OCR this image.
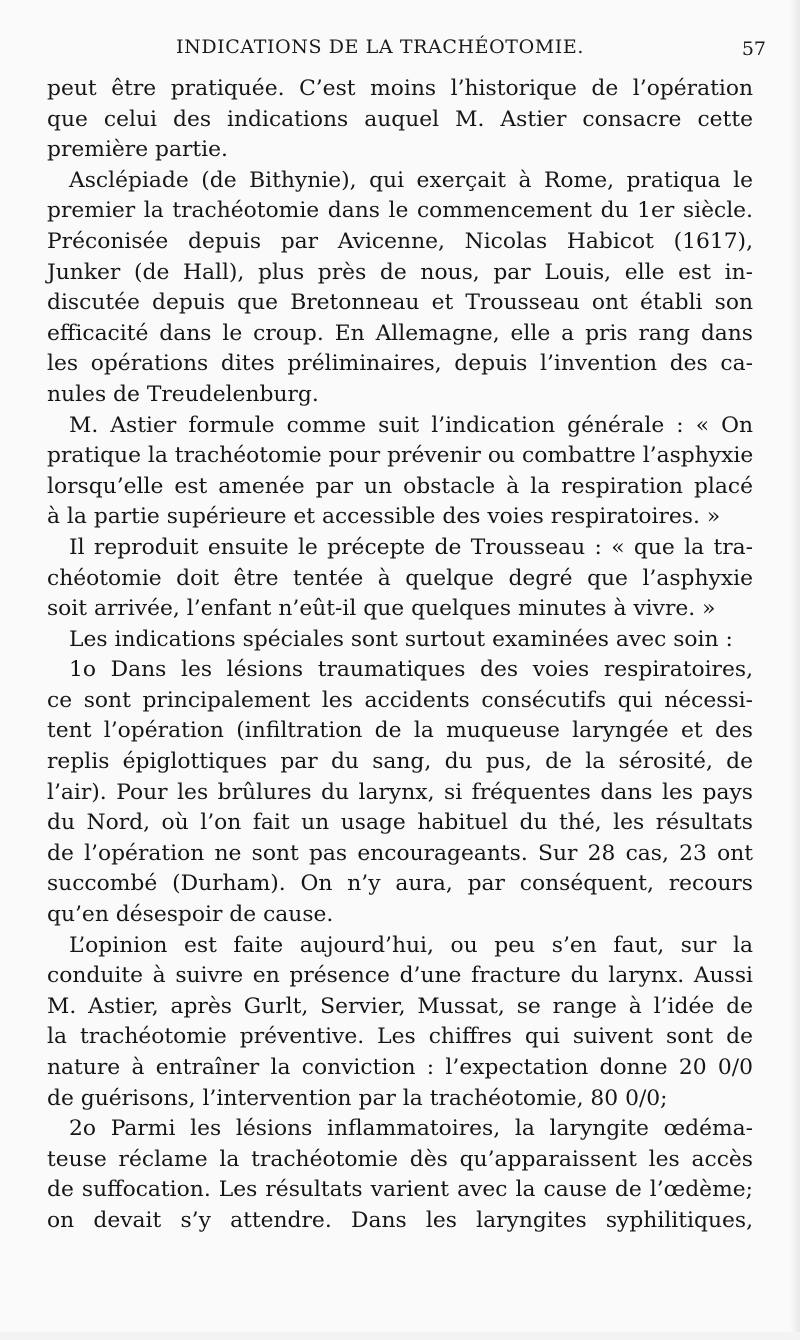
INDICATIONS DE LA TRACHÉOTOMIE.	57
peut être pratiquée. C’est moins l’historique de l’opération
que celui des indications auquel M. Astier consacre cette
première partie.
Asclépiade (de Bithynie), qui exerçait à Rome, pratiqua le
premier la trachéotomie dans le commencement du 1er siècle.
Préconisée depuis par Avicenne, Nicolas Habicot (1617),
Junker (de Hall), plus près de nous, par Louis, elle est in-
discutée depuis que Bretonneau et Trousseau ont établi son
efficacité dans le croup. En Allemagne, elle a pris rang dans
les opérations dites préliminaires, depuis l’invention des ca-
nules de Treudelenburg.
M. Astier formule comme suit l’indication générale : « On
pratique la trachéotomie pour prévenir ou combattre l’asphyxie
lorsqu’elle est amenée par un obstacle à la respiration placé
à la partie supérieure et accessible des voies respiratoires. »
Il reproduit ensuite le précepte de Trousseau : « que la tra-
chéotomie doit être tentée à quelque degré que l’asphyxie
soit arrivée, l’enfant n’eût-il que quelques minutes à vivre. »
Les indications spéciales sont surtout examinées avec soin :
1o Dans les lésions traumatiques des voies respiratoires,
ce sont principalement les accidents consécutifs qui nécessi-
tent l’opération (infiltration de la muqueuse laryngée et des
replis épiglottiques par du sang, du pus, de la sérosité, de
l’air). Pour les brûlures du larynx, si fréquentes dans les pays
du Nord, où l’on fait un usage habituel du thé, les résultats
de l’opération ne sont pas encourageants. Sur 28 cas, 23 ont
succombé (Durham). On n’y aura, par conséquent, recours
qu’en désespoir de cause.
L’opinion est faite aujourd’hui, ou peu s’en faut, sur la
conduite à suivre en présence d’une fracture du larynx. Aussi
M. Astier, après Gurlt, Servier, Mussat, se range à l’idée de
la trachéotomie préventive. Les chiffres qui suivent sont de
nature à entraîner la conviction : l’expectation donne 20 0/0
de guérisons, l’intervention par la trachéotomie, 80 0/0;
2o Parmi les lésions inflammatoires, la laryngite œdéma-
teuse réclame la trachéotomie dès qu’apparaissent les accès
de suffocation. Les résultats varient avec la cause de l’œdème;
on devait s’y attendre. Dans les laryngites syphilitiques,
